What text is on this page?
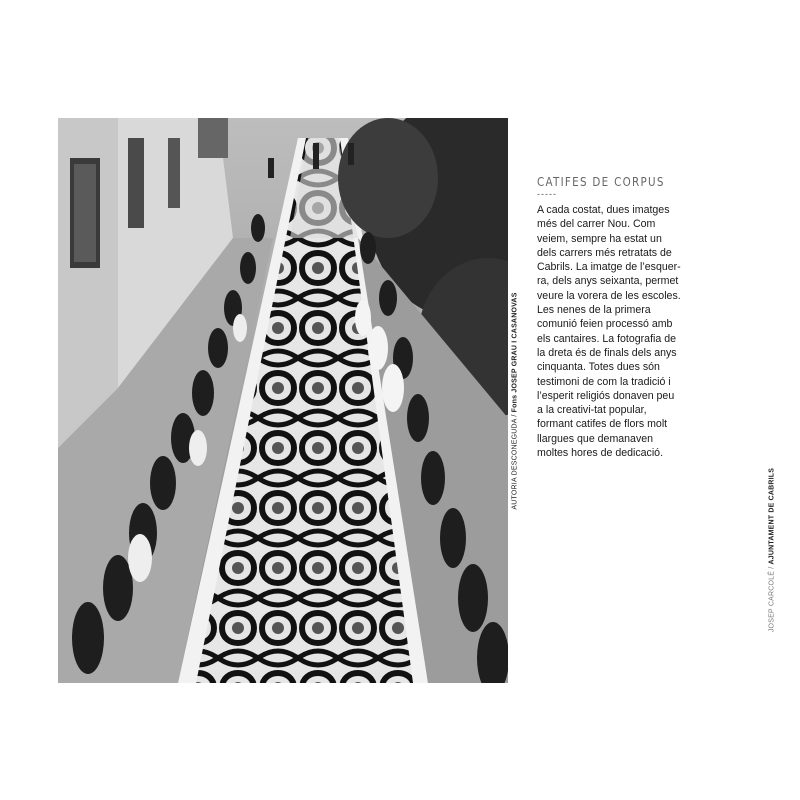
AUTORIA DESCONEGUDA / Fons JOSEP GRAU I CASANOVAS
CATIFES DE CORPUS
-----

A cada costat, dues imatges més del carrer Nou. Com veiem, sempre ha estat un dels carrers més retratats de Cabrils. La imatge de l’esquer-ra, dels anys seixanta, permet veure la vorera de les escoles. Les nenes de la primera comunió feien processó amb els cantaires. La fotografia de la dreta és de finals dels anys cinquanta. Totes dues són testimoni de com la tradició i l’esperit religiós donaven peu a la creativi-tat popular, formant catifes de flors molt llargues que demanaven moltes hores de dedicació.

JOSEP CARCOLÉ / AJUNTAMENT DE CABRILS
